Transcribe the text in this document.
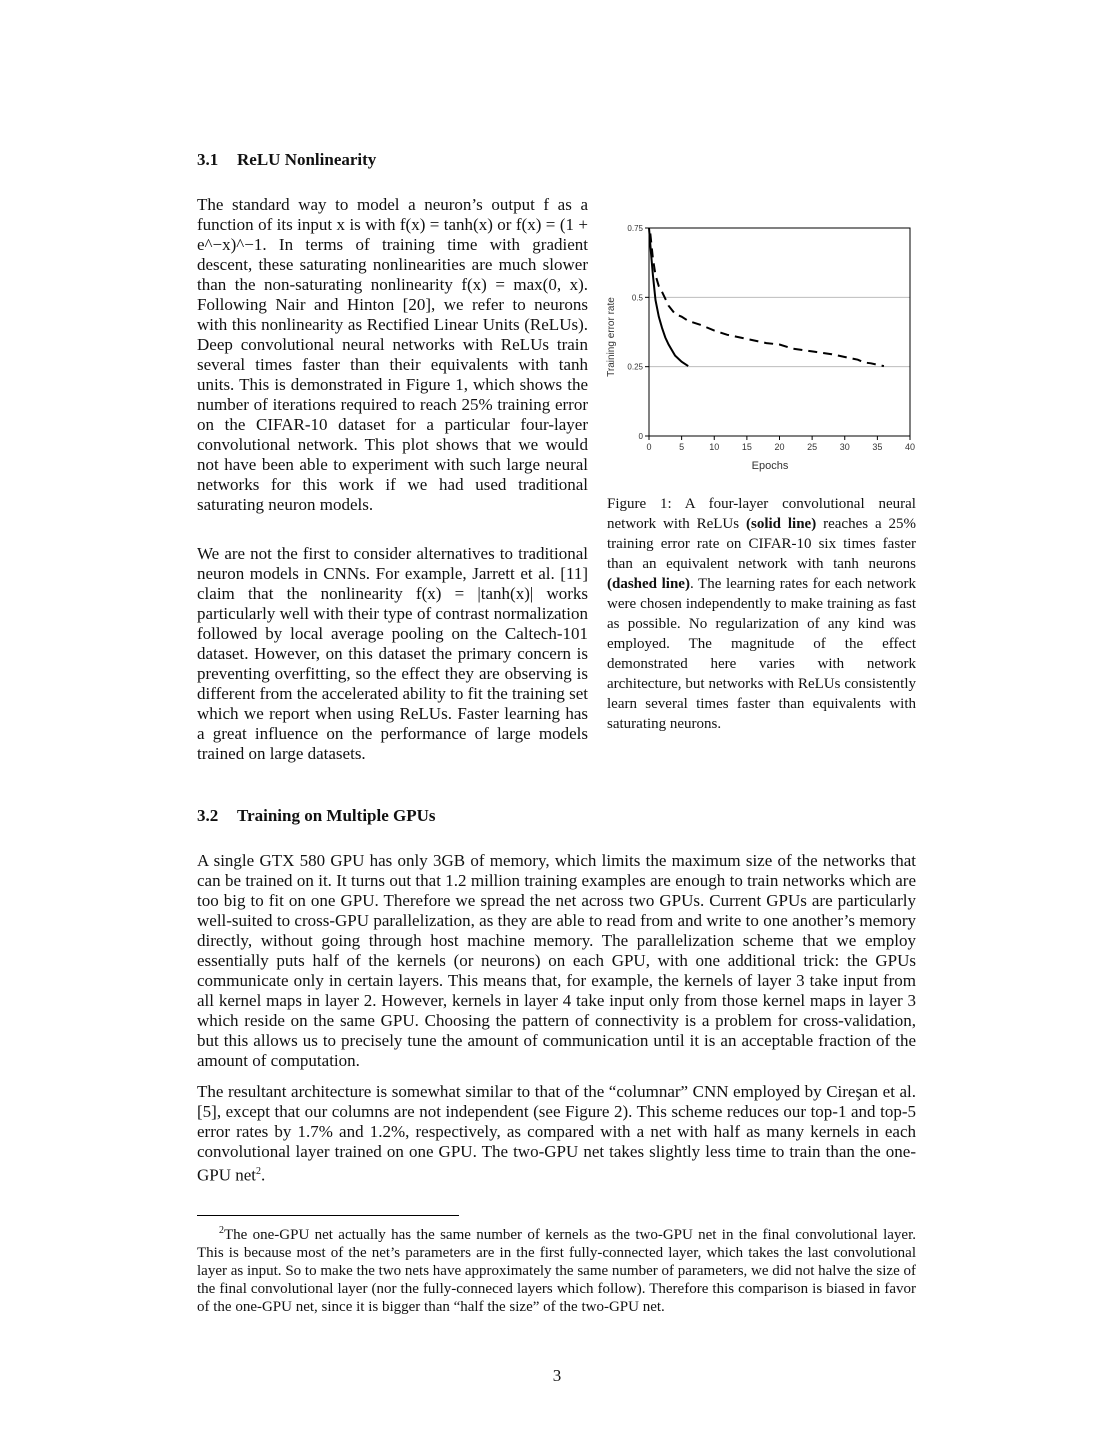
3.1 ReLU Nonlinearity

The standard way to model a neuron’s output f as a function of its input x is with f(x) = tanh(x) or f(x) = (1 + e^−x)^−1. In terms of training time with gradient descent, these saturating nonlinearities are much slower than the non-saturating nonlinearity f(x) = max(0, x). Following Nair and Hinton [20], we refer to neurons with this nonlinearity as Rectified Linear Units (ReLUs). Deep convolutional neural networks with ReLUs train several times faster than their equivalents with tanh units. This is demonstrated in Figure 1, which shows the number of iterations required to reach 25% training error on the CIFAR-10 dataset for a particular four-layer convolutional network. This plot shows that we would not have been able to experiment with such large neural networks for this work if we had used traditional saturating neuron models.

We are not the first to consider alternatives to traditional neuron models in CNNs. For example, Jarrett et al. [11] claim that the nonlinearity f(x) = |tanh(x)| works particularly well with their type of contrast normalization followed by local average pooling on the Caltech-101 dataset. However, on this dataset the primary concern is preventing overfitting, so the effect they are observing is different from the accelerated ability to fit the training set which we report when using ReLUs. Faster learning has a great influence on the performance of large models trained on large datasets.

0
0.25
0.5
0.75
0	5	10	15	20	25	30	35	40
Epochs
Training error rate
Figure 1: A four-layer convolutional neural network with ReLUs (solid line) reaches a 25% training error rate on CIFAR-10 six times faster than an equivalent network with tanh neurons (dashed line). The learning rates for each network were chosen independently to make training as fast as possible. No regularization of any kind was employed. The magnitude of the effect demonstrated here varies with network architecture, but networks with ReLUs consistently learn several times faster than equivalents with saturating neurons.
3.2 Training on Multiple GPUs

A single GTX 580 GPU has only 3GB of memory, which limits the maximum size of the networks that can be trained on it. It turns out that 1.2 million training examples are enough to train networks which are too big to fit on one GPU. Therefore we spread the net across two GPUs. Current GPUs are particularly well-suited to cross-GPU parallelization, as they are able to read from and write to one another’s memory directly, without going through host machine memory. The parallelization scheme that we employ essentially puts half of the kernels (or neurons) on each GPU, with one additional trick: the GPUs communicate only in certain layers. This means that, for example, the kernels of layer 3 take input from all kernel maps in layer 2. However, kernels in layer 4 take input only from those kernel maps in layer 3 which reside on the same GPU. Choosing the pattern of connectivity is a problem for cross-validation, but this allows us to precisely tune the amount of communication until it is an acceptable fraction of the amount of computation.

The resultant architecture is somewhat similar to that of the “columnar” CNN employed by Cireşan et al. [5], except that our columns are not independent (see Figure 2). This scheme reduces our top-1 and top-5 error rates by 1.7% and 1.2%, respectively, as compared with a net with half as many kernels in each convolutional layer trained on one GPU. The two-GPU net takes slightly less time to train than the one-GPU net$^2$.

$^2$The one-GPU net actually has the same number of kernels as the two-GPU net in the final convolutional layer. This is because most of the net’s parameters are in the first fully-connected layer, which takes the last convolutional layer as input. So to make the two nets have approximately the same number of parameters, we did not halve the size of the final convolutional layer (nor the fully-conneced layers which follow). Therefore this comparison is biased in favor of the one-GPU net, since it is bigger than “half the size” of the two-GPU net.
3
